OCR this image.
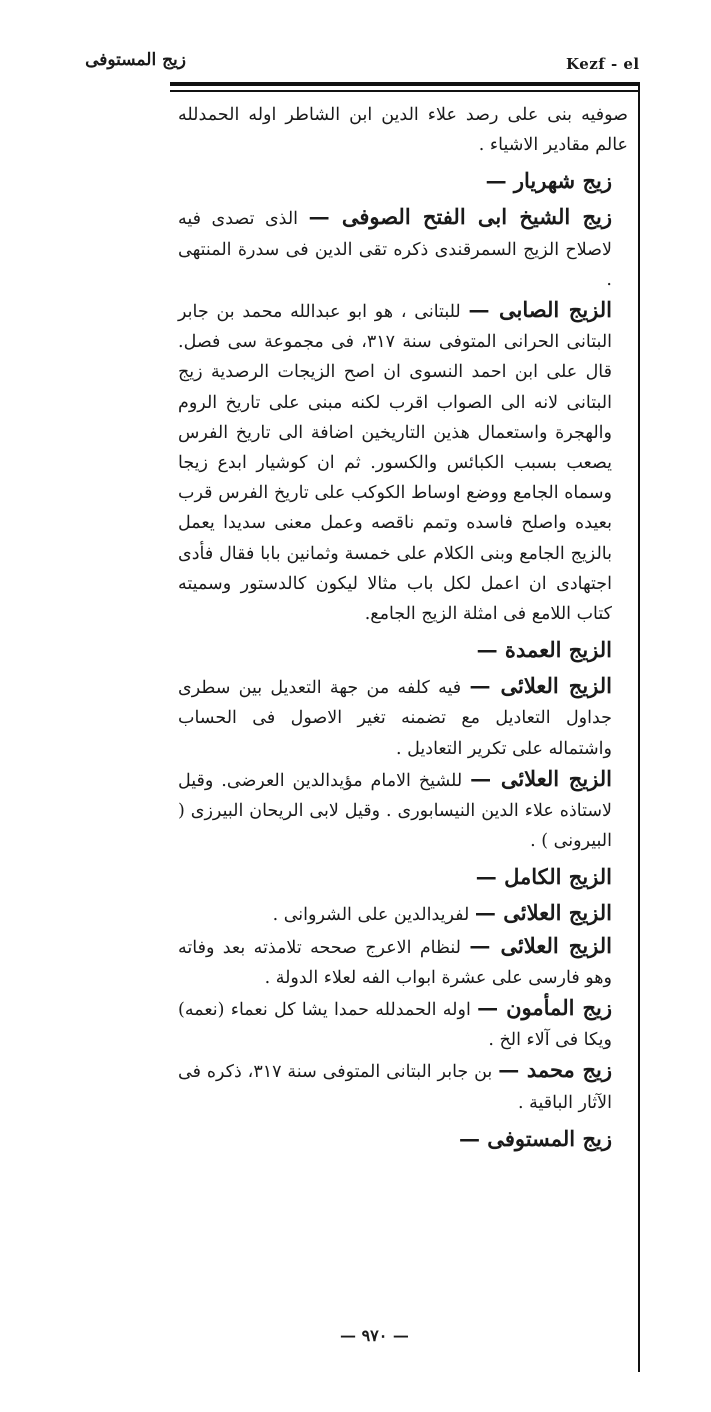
Kezf - el
زیج المستوفی

صوفیه بنی علی رصد علاء الدین ابن الشاطر اوله الحمدلله عالم مقادیر الاشیاء .

زیج شهریار —

زیج الشیخ ابی الفتح الصوفی — الذی تصدی فیه لاصلاح الزیج السمرقندی ذکره تقی الدین فی سدرة المنتهی .

الزیج الصابی — للبتانی ، هو ابو عبدالله محمد بن جابر البتانی الحرانی المتوفی سنة ۳۱۷، فی مجموعة سی فصل. قال علی ابن احمد النسوی ان اصح الزیجات الرصدیة زیج البتانی لانه الی الصواب اقرب لکنه مبنی علی تاریخ الروم والهجرة واستعمال هذین التاریخین اضافة الی تاریخ الفرس یصعب بسبب الکبائس والکسور. ثم ان کوشیار ابدع زیجا وسماه الجامع ووضع اوساط الکوکب علی تاریخ الفرس قرب بعیده واصلح فاسده وتمم ناقصه وعمل معنی سدیدا یعمل بالزیج الجامع وبنی الکلام علی خمسة وثمانین بابا فقال فأدی اجتهادی ان اعمل لکل باب مثالا لیکون کالدستور وسمیته کتاب اللامع فی امثلة الزیج الجامع.

الزیج العمدة —

الزیج العلائی — فیه کلفه من جهة التعدیل بین سطری جداول التعادیل مع تضمنه تغیر الاصول فی الحساب واشتماله علی تکریر التعادیل .

الزیج العلائی — للشیخ الامام مؤیدالدین العرضی. وقیل لاستاذه علاء الدین النیسابوری . وقیل لابی الریحان البیرزی ( البیرونی ) .

الزیج الکامل —

الزیج العلائی — لفریدالدین علی الشروانی .

الزیج العلائی — لنظام الاعرج صححه تلامذته بعد وفاته وهو فارسی علی عشرة ابواب الفه لعلاء الدولة .

زیج المأمون — اوله الحمدلله حمدا یشا کل نعماء (نعمه) ویکا فی آلاء الخ .

زیج محمد — بن جابر البتانی المتوفی سنة ۳۱۷، ذکره فی الآثار الباقیة .

زیج المستوفی —

— ۹۷۰ —
